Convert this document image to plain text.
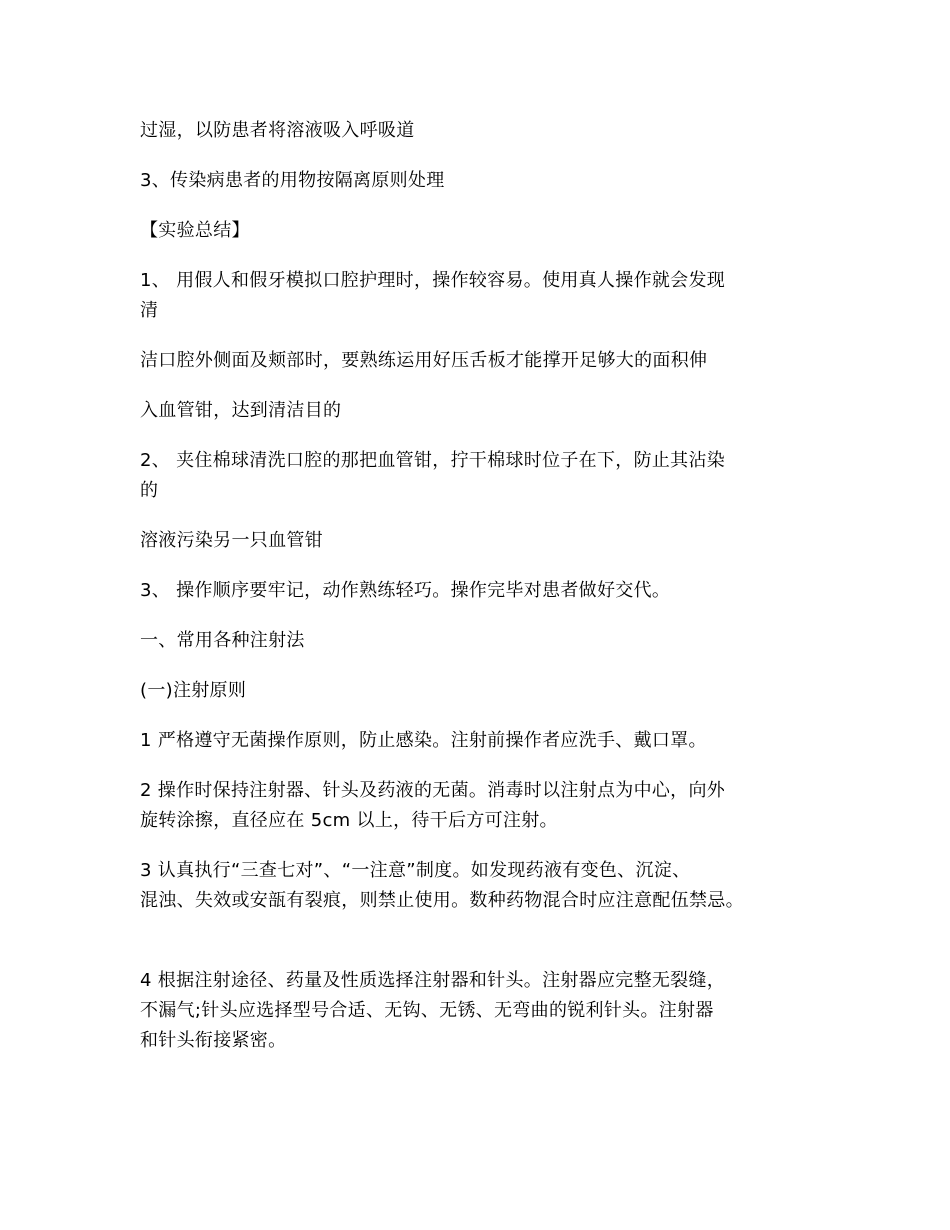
过湿，以防患者将溶液吸入呼吸道

3、传染病患者的用物按隔离原则处理

【实验总结】

1、 用假人和假牙模拟口腔护理时，操作较容易。使用真人操作就会发现

清

洁口腔外侧面及颊部时，要熟练运用好压舌板才能撑开足够大的面积伸

入血管钳，达到清洁目的

2、 夹住棉球清洗口腔的那把血管钳，拧干棉球时位子在下，防止其沾染

的

溶液污染另一只血管钳

3、 操作顺序要牢记，动作熟练轻巧。操作完毕对患者做好交代。

一、常用各种注射法

(一)注射原则

1 严格遵守无菌操作原则，防止感染。注射前操作者应洗手、戴口罩。

2 操作时保持注射器、针头及药液的无菌。消毒时以注射点为中心，向外

旋转涂擦，直径应在 5cm 以上，待干后方可注射。

3 认真执行“三查七对”、“一注意”制度。如发现药液有变色、沉淀、

混浊、失效或安瓿有裂痕，则禁止使用。数种药物混合时应注意配伍禁忌。

4 根据注射途径、药量及性质选择注射器和针头。注射器应完整无裂缝，

不漏气;针头应选择型号合适、无钩、无锈、无弯曲的锐利针头。注射器

和针头衔接紧密。
